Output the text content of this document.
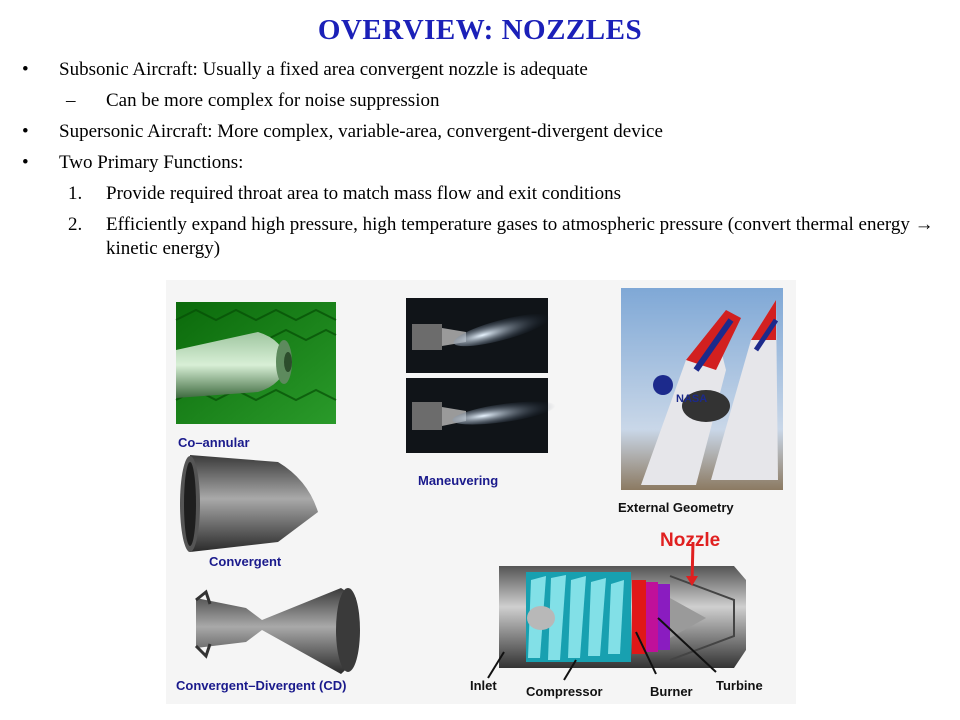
OVERVIEW: NOZZLES
• Subsonic Aircraft: Usually a fixed area convergent nozzle is adequate
– Can be more complex for noise suppression
• Supersonic Aircraft: More complex, variable-area, convergent-divergent device
• Two Primary Functions:
1. Provide required throat area to match mass flow and exit conditions
2. Efficiently expand high pressure, high temperature gases to atmospheric pressure (convert thermal energy → kinetic energy)
NASA
Co–annular
Maneuvering
External Geometry
Convergent
Convergent–Divergent (CD)
Nozzle
Inlet Compressor	Burner Turbine
